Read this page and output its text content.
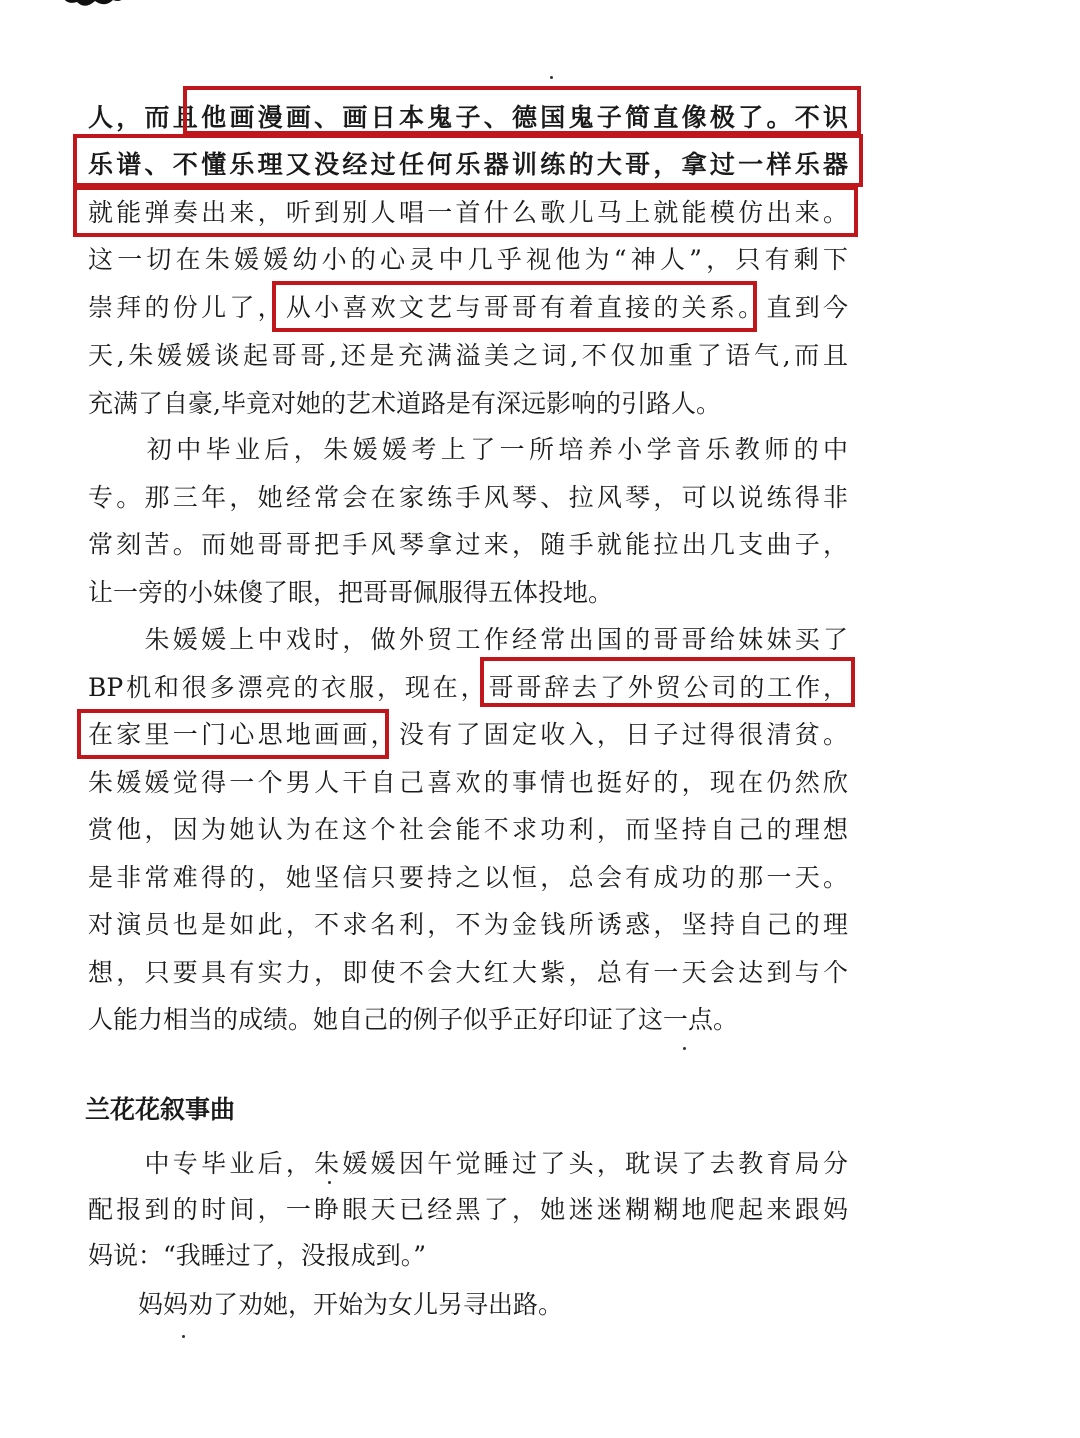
人，而且他画漫画、画日本鬼子、德国鬼子简直像极了。不识
乐谱、不懂乐理又没经过任何乐器训练的大哥，拿过一样乐器
就能弹奏出来，听到别人唱一首什么歌儿马上就能模仿出来。
这一切在朱媛媛幼小的心灵中几乎视他为“神人”，只有剩下
崇拜的份儿了，从小喜欢文艺与哥哥有着直接的关系。直到今
天,朱媛媛谈起哥哥,还是充满溢美之词,不仅加重了语气,而且
充满了自豪,毕竟对她的艺术道路是有深远影响的引路人。
　　初中毕业后，朱媛媛考上了一所培养小学音乐教师的中
专。那三年，她经常会在家练手风琴、拉风琴，可以说练得非
常刻苦。而她哥哥把手风琴拿过来，随手就能拉出几支曲子，
让一旁的小妹傻了眼，把哥哥佩服得五体投地。
　　朱媛媛上中戏时，做外贸工作经常出国的哥哥给妹妹买了
BP机和很多漂亮的衣服，现在，哥哥辞去了外贸公司的工作，
在家里一门心思地画画，没有了固定收入，日子过得很清贫。
朱媛媛觉得一个男人干自己喜欢的事情也挺好的，现在仍然欣
赏他，因为她认为在这个社会能不求功利，而坚持自己的理想
是非常难得的，她坚信只要持之以恒，总会有成功的那一天。
对演员也是如此，不求名利，不为金钱所诱惑，坚持自己的理
想，只要具有实力，即使不会大红大紫，总有一天会达到与个
人能力相当的成绩。她自己的例子似乎正好印证了这一点。
兰花花叙事曲
　　中专毕业后，朱媛媛因午觉睡过了头，耽误了去教育局分
配报到的时间，一睁眼天已经黑了，她迷迷糊糊地爬起来跟妈
妈说：“我睡过了，没报成到。”
　　妈妈劝了劝她，开始为女儿另寻出路。
